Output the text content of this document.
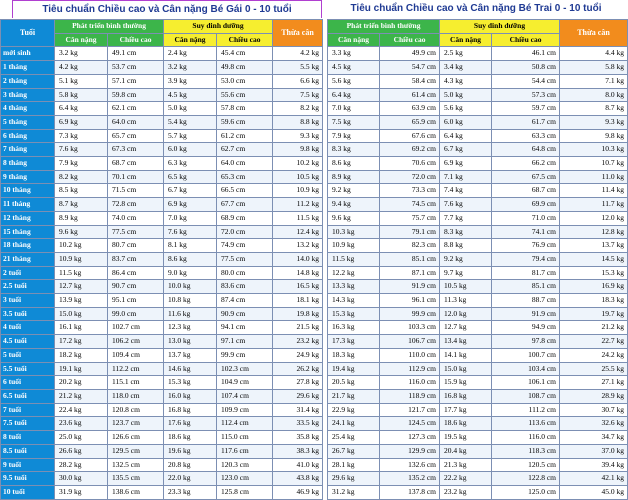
Tiêu chuẩn Chiều cao và Cân nặng Bé Gái 0 - 10 tuổi	Tiêu chuẩn Chiều cao và Cân nặng Bé Trai 0 - 10 tuổi
Tuổi	Phát triển bình thường		Suy dinh dưỡng		Thừa cân
	Cân nặng	Chiều cao	Cân nặng	Chiều cao	
mới sinh	3.2 kg	49.1 cm	2.4 kg	45.4 cm	4.2 kg
1 tháng	4.2 kg	53.7 cm	3.2 kg	49.8 cm	5.5 kg
2 tháng	5.1 kg	57.1 cm	3.9 kg	53.0 cm	6.6 kg
3 tháng	5.8 kg	59.8 cm	4.5 kg	55.6 cm	7.5 kg
4 tháng	6.4 kg	62.1 cm	5.0 kg	57.8 cm	8.2 kg
5 tháng	6.9 kg	64.0 cm	5.4 kg	59.6 cm	8.8 kg
6 tháng	7.3 kg	65.7 cm	5.7 kg	61.2 cm	9.3 kg
7 tháng	7.6 kg	67.3 cm	6.0 kg	62.7 cm	9.8 kg
8 tháng	7.9 kg	68.7 cm	6.3 kg	64.0 cm	10.2 kg
9 tháng	8.2 kg	70.1 cm	6.5 kg	65.3 cm	10.5 kg
10 tháng	8.5 kg	71.5 cm	6.7 kg	66.5 cm	10.9 kg
11 tháng	8.7 kg	72.8 cm	6.9 kg	67.7 cm	11.2 kg
12 tháng	8.9 kg	74.0 cm	7.0 kg	68.9 cm	11.5 kg
15 tháng	9.6 kg	77.5 cm	7.6 kg	72.0 cm	12.4 kg
18 tháng	10.2 kg	80.7 cm	8.1 kg	74.9 cm	13.2 kg
21 tháng	10.9 kg	83.7 cm	8.6 kg	77.5 cm	14.0 kg
2 tuổi	11.5 kg	86.4 cm	9.0 kg	80.0 cm	14.8 kg
2.5 tuổi	12.7 kg	90.7 cm	10.0 kg	83.6 cm	16.5 kg
3 tuổi	13.9 kg	95.1 cm	10.8 kg	87.4 cm	18.1 kg
3.5 tuổi	15.0 kg	99.0 cm	11.6 kg	90.9 cm	19.8 kg
4 tuổi	16.1 kg	102.7 cm	12.3 kg	94.1 cm	21.5 kg
4.5 tuổi	17.2 kg	106.2 cm	13.0 kg	97.1 cm	23.2 kg
5 tuổi	18.2 kg	109.4 cm	13.7 kg	99.9 cm	24.9 kg
5.5 tuổi	19.1 kg	112.2 cm	14.6 kg	102.3 cm	26.2 kg
6 tuổi	20.2 kg	115.1 cm	15.3 kg	104.9 cm	27.8 kg
6.5 tuổi	21.2 kg	118.0 cm	16.0 kg	107.4 cm	29.6 kg
7 tuổi	22.4 kg	120.8 cm	16.8 kg	109.9 cm	31.4 kg
7.5 tuổi	23.6 kg	123.7 cm	17.6 kg	112.4 cm	33.5 kg
8 tuổi	25.0 kg	126.6 cm	18.6 kg	115.0 cm	35.8 kg
8.5 tuổi	26.6 kg	129.5 cm	19.6 kg	117.6 cm	38.3 kg
9 tuổi	28.2 kg	132.5 cm	20.8 kg	120.3 cm	41.0 kg
9.5 tuổi	30.0 kg	135.5 cm	22.0 kg	123.0 cm	43.8 kg
10 tuổi	31.9 kg	138.6 cm	23.3 kg	125.8 cm	46.9 kg
Phát triển bình thường		Suy dinh dưỡng		Thừa cân
Cân nặng	Chiều cao	Cân nặng	Chiều cao	
3.3 kg	49.9 cm	2.5 kg	46.1 cm	4.4 kg
4.5 kg	54.7 cm	3.4 kg	50.8 cm	5.8 kg
5.6 kg	58.4 cm	4.3 kg	54.4 cm	7.1 kg
6.4 kg	61.4 cm	5.0 kg	57.3 cm	8.0 kg
7.0 kg	63.9 cm	5.6 kg	59.7 cm	8.7 kg
7.5 kg	65.9 cm	6.0 kg	61.7 cm	9.3 kg
7.9 kg	67.6 cm	6.4 kg	63.3 cm	9.8 kg
8.3 kg	69.2 cm	6.7 kg	64.8 cm	10.3 kg
8.6 kg	70.6 cm	6.9 kg	66.2 cm	10.7 kg
8.9 kg	72.0 cm	7.1 kg	67.5 cm	11.0 kg
9.2 kg	73.3 cm	7.4 kg	68.7 cm	11.4 kg
9.4 kg	74.5 cm	7.6 kg	69.9 cm	11.7 kg
9.6 kg	75.7 cm	7.7 kg	71.0 cm	12.0 kg
10.3 kg	79.1 cm	8.3 kg	74.1 cm	12.8 kg
10.9 kg	82.3 cm	8.8 kg	76.9 cm	13.7 kg
11.5 kg	85.1 cm	9.2 kg	79.4 cm	14.5 kg
12.2 kg	87.1 cm	9.7 kg	81.7 cm	15.3 kg
13.3 kg	91.9 cm	10.5 kg	85.1 cm	16.9 kg
14.3 kg	96.1 cm	11.3 kg	88.7 cm	18.3 kg
15.3 kg	99.9 cm	12.0 kg	91.9 cm	19.7 kg
16.3 kg	103.3 cm	12.7 kg	94.9 cm	21.2 kg
17.3 kg	106.7 cm	13.4 kg	97.8 cm	22.7 kg
18.3 kg	110.0 cm	14.1 kg	100.7 cm	24.2 kg
19.4 kg	112.9 cm	15.0 kg	103.4 cm	25.5 kg
20.5 kg	116.0 cm	15.9 kg	106.1 cm	27.1 kg
21.7 kg	118.9 cm	16.8 kg	108.7 cm	28.9 kg
22.9 kg	121.7 cm	17.7 kg	111.2 cm	30.7 kg
24.1 kg	124.5 cm	18.6 kg	113.6 cm	32.6 kg
25.4 kg	127.3 cm	19.5 kg	116.0 cm	34.7 kg
26.7 kg	129.9 cm	20.4 kg	118.3 cm	37.0 kg
28.1 kg	132.6 cm	21.3 kg	120.5 cm	39.4 kg
29.6 kg	135.2 cm	22.2 kg	122.8 cm	42.1 kg
31.2 kg	137.8 cm	23.2 kg	125.0 cm	45.0 kg
